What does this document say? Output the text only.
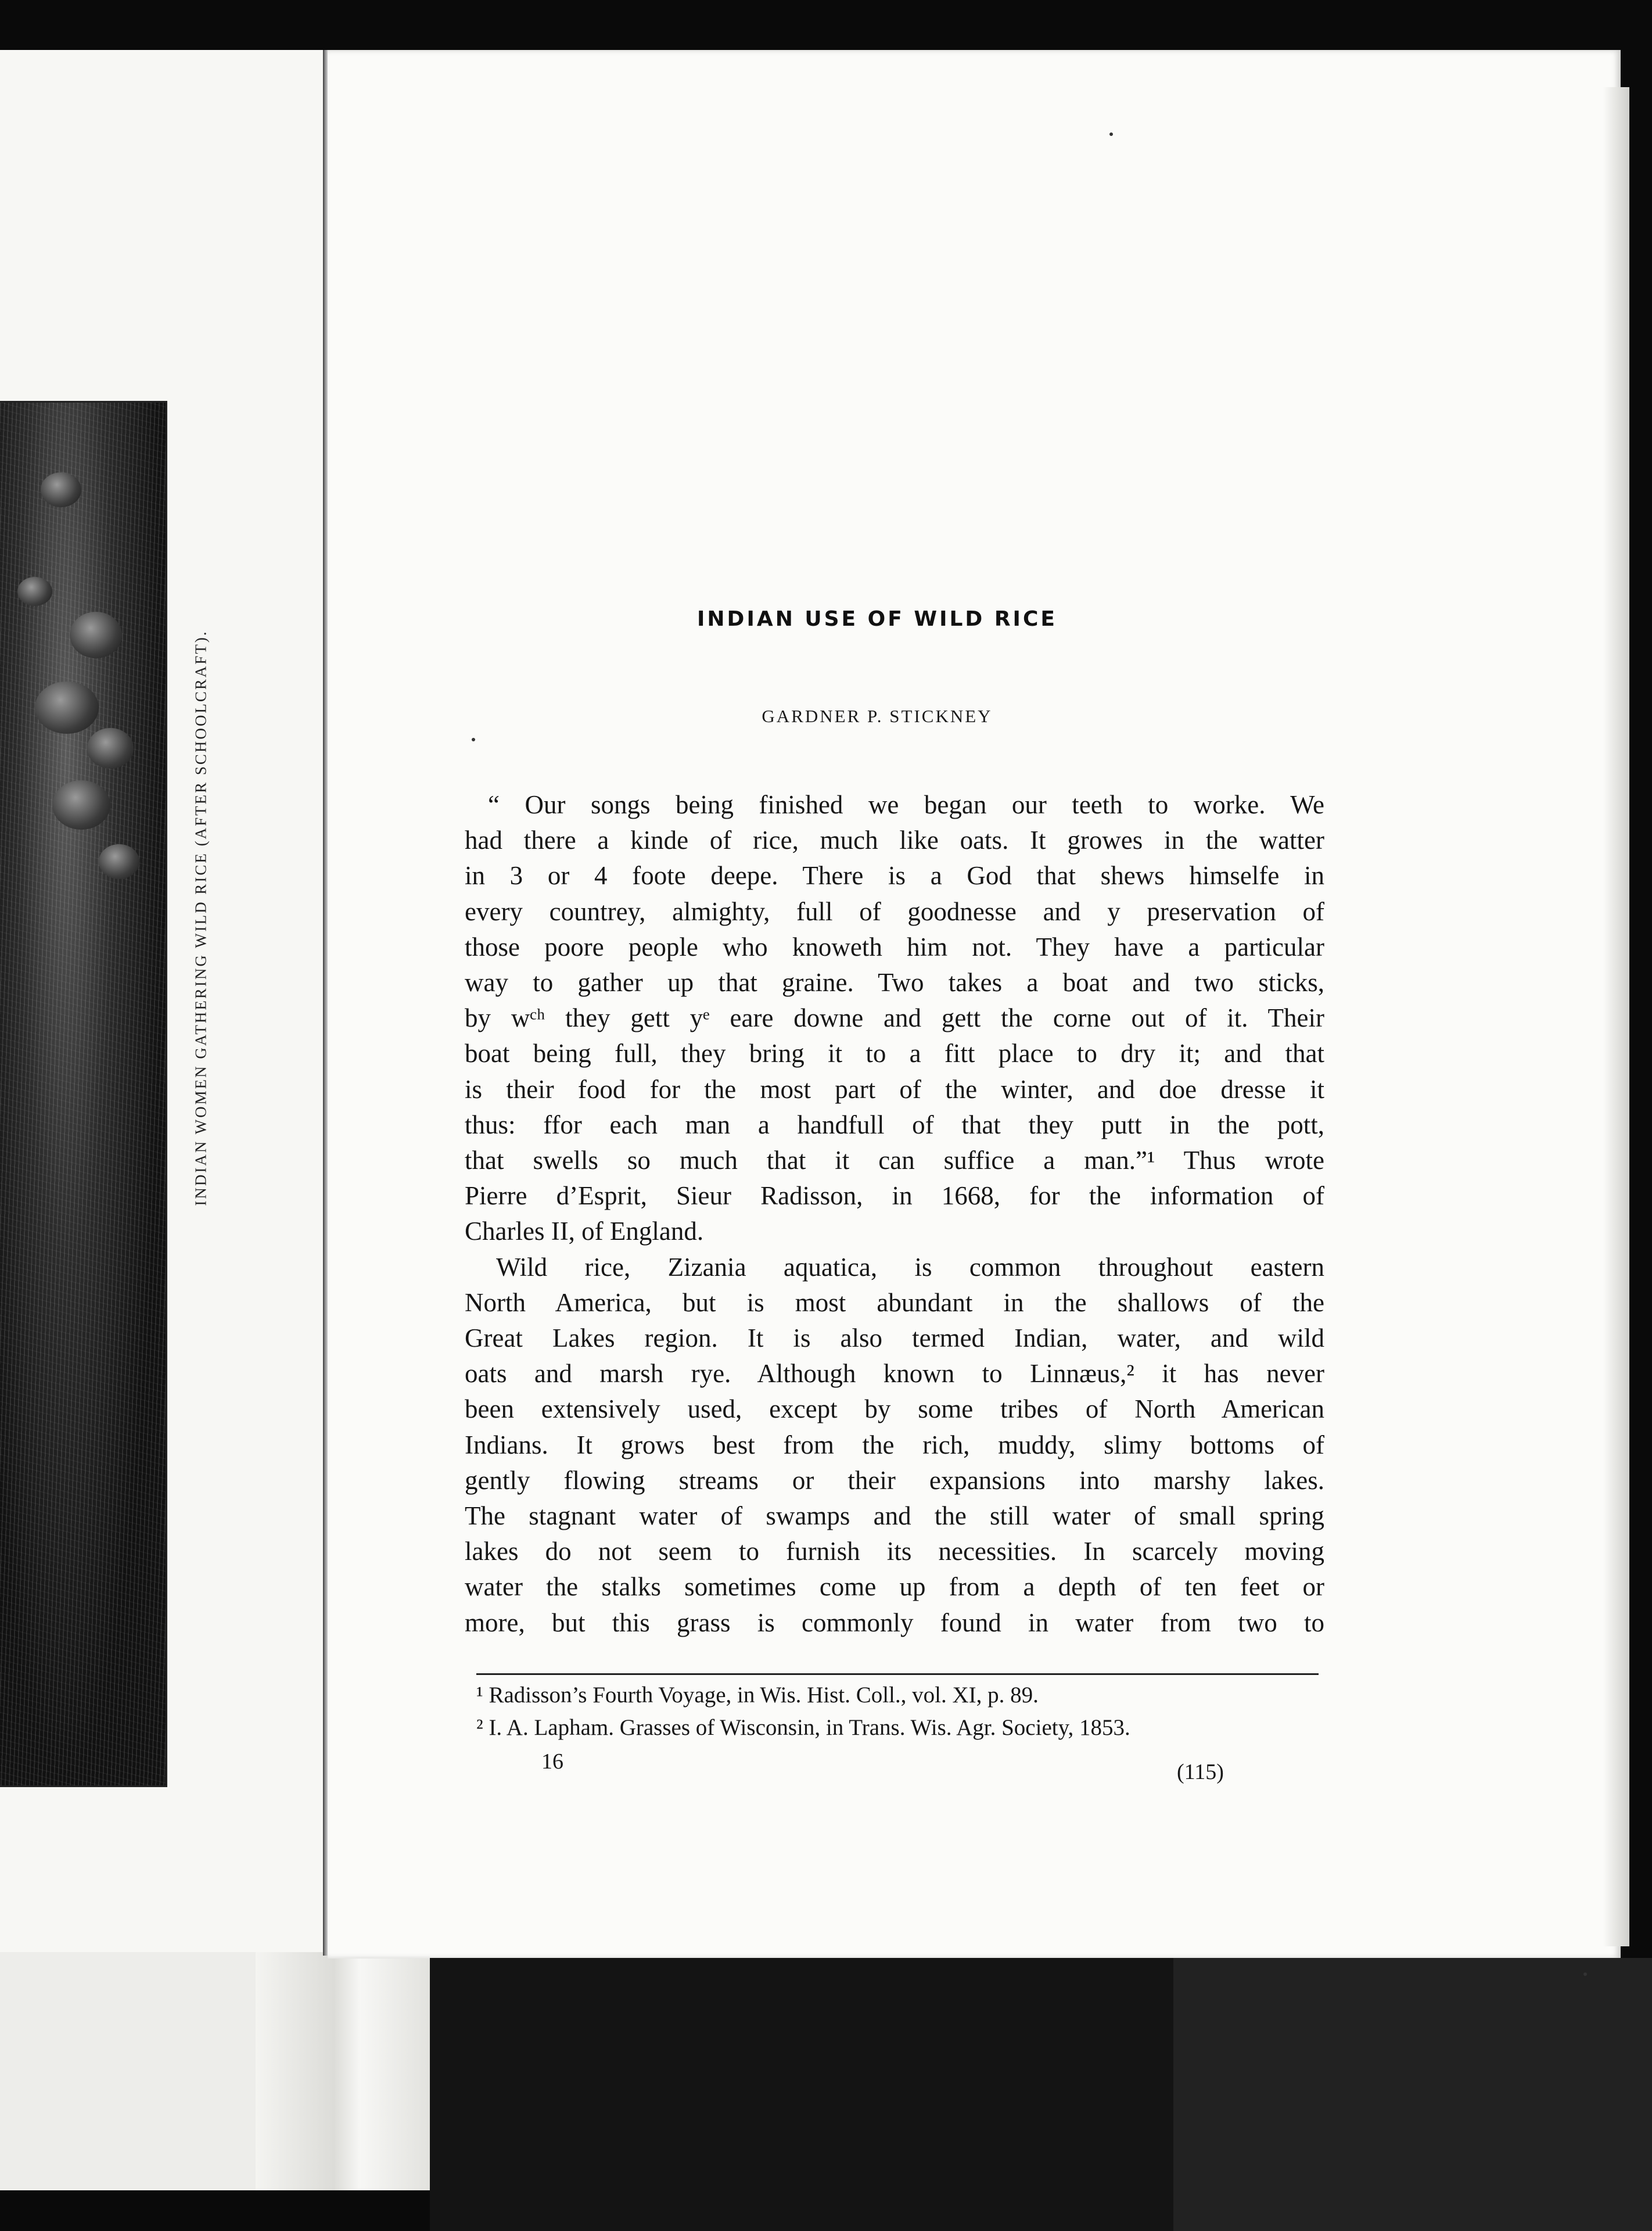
INDIAN WOMEN GATHERING WILD RICE (AFTER SCHOOLCRAFT).
INDIAN USE OF WILD RICE
GARDNER P. STICKNEY
“ Our songs being finished we began our teeth to worke. We
had there a kinde of rice, much like oats. It growes in the watter
in 3 or 4 foote deepe. There is a God that shews himselfe in
every countrey, almighty, full of goodnesse and y preservation of
those poore people who knoweth him not. They have a particular
way to gather up that graine. Two takes a boat and two sticks,
by wᶜʰ they gett yᵉ eare downe and gett the corne out of it. Their
boat being full, they bring it to a fitt place to dry it; and that
is their food for the most part of the winter, and doe dresse it
thus: ffor each man a handfull of that they putt in the pott,
that swells so much that it can suffice a man.”¹ Thus wrote
Pierre d’Esprit, Sieur Radisson, in 1668, for the information of
Charles II, of England.
Wild rice, Zizania aquatica, is common throughout eastern
North America, but is most abundant in the shallows of the
Great Lakes region. It is also termed Indian, water, and wild
oats and marsh rye. Although known to Linnæus,² it has never
been extensively used, except by some tribes of North American
Indians. It grows best from the rich, muddy, slimy bottoms of
gently flowing streams or their expansions into marshy lakes.
The stagnant water of swamps and the still water of small spring
lakes do not seem to furnish its necessities. In scarcely moving
water the stalks sometimes come up from a depth of ten feet or
more, but this grass is commonly found in water from two to
¹ Radisson’s Fourth Voyage, in Wis. Hist. Coll., vol. XI, p. 89.
² I. A. Lapham. Grasses of Wisconsin, in Trans. Wis. Agr. Society, 1853.
16	(115)
